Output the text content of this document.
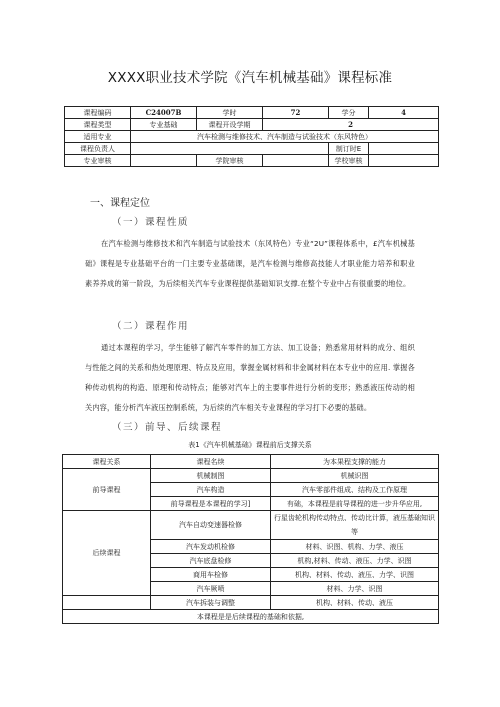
XXXX职业技术学院《汽车机械基础》课程标准
课程编码	C24007B	学时	72	学分	4
课程类型	专业基础	课程开设学期	2		
适用专业	汽车检测与维修技术、汽车制造与试验技术（东风特色）				
课程负责人				制订时E	
专业审核		学院审核		学校审核	
一、课程定位
（一）课程性质
在汽车检测与维修技术和汽车制造与试验技术（东风特色）专业“2U”课程体系中，£汽车机械基础》课程是专业基础平台的一门主要专业基础课，是汽车检测与维修高技能人才职业能力培养和职业素养养成的第一阶段，为后续相关汽车专业课程提供基础知识支撑.在整个专业中占有很重要的地位。
（二）课程作用
通过本课程的学习，学生能够了解汽车零件的加工方法、加工设备；熟悉常用材料的成分、组织与性能之间的关系和热处理原理、特点及应用，掌握金属材料和非金属材料在本专业中的应用. 掌握各种传动机构的构造、原理和传动特点；能够对汽车上的主要事件进行分析的变形；熟悉液压传动的相关内容，能分析汽车液压控制系统，为后续的汽车相关专业课程的学习打下必要的基础。
（三）前导、后续课程
表1《汽车机械基础》课程前后支撑关系
课程关系	课程名续	为本果程支撑的能力
前导课程	机械制图	机械识图
	汽车构造	汽车零部件组成、结构及工作原理
	前导课程是本课程的学习]	有础，本课程是前导课程的进一步升华应用,
后续课程	汽车自动变速器检修	行星齿轮机构传动特点、传动比计算，液压基础知识等
	汽车发动机检修	材料、识图、机构、力学、液压
	汽车底盘检修	机构,材料、传动、液压、力学、识图
	商用车检修	机构、材料、传动、液压、力学、识图
	汽车厥喷	材料、力学、识图
	汽车拆装与调整	机构、材料、传动、液压
本课程是是后续课程的基础和依据,		
